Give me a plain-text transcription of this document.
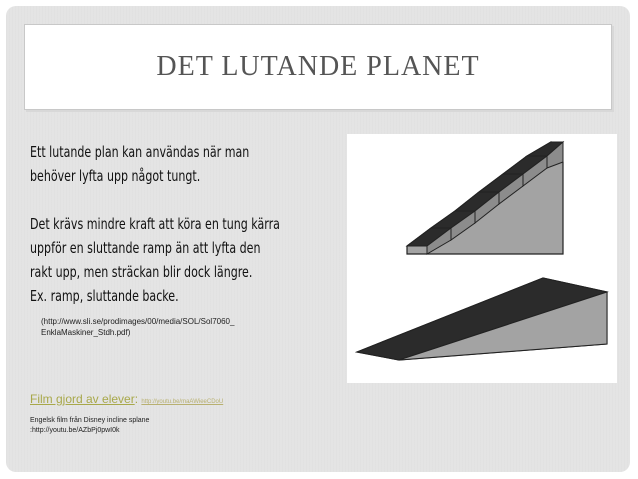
DET LUTANDE PLANET
Ett lutande plan kan användas när man
behöver lyfta upp något tungt.

Det krävs mindre kraft att köra en tung kärra
uppför en sluttande ramp än att lyfta den
rakt upp, men sträckan blir dock längre.
Ex. ramp, sluttande backe.
(http://www.sli.se/prodimages/00/media/SOL/Sol7060_
EnklaMaskiner_Stdh.pdf)
Film gjord av elever: http://youtu.be/maAWieeCDoU
Engelsk film från Disney incline splane
:http://youtu.be/AZbPj0pwI0k
